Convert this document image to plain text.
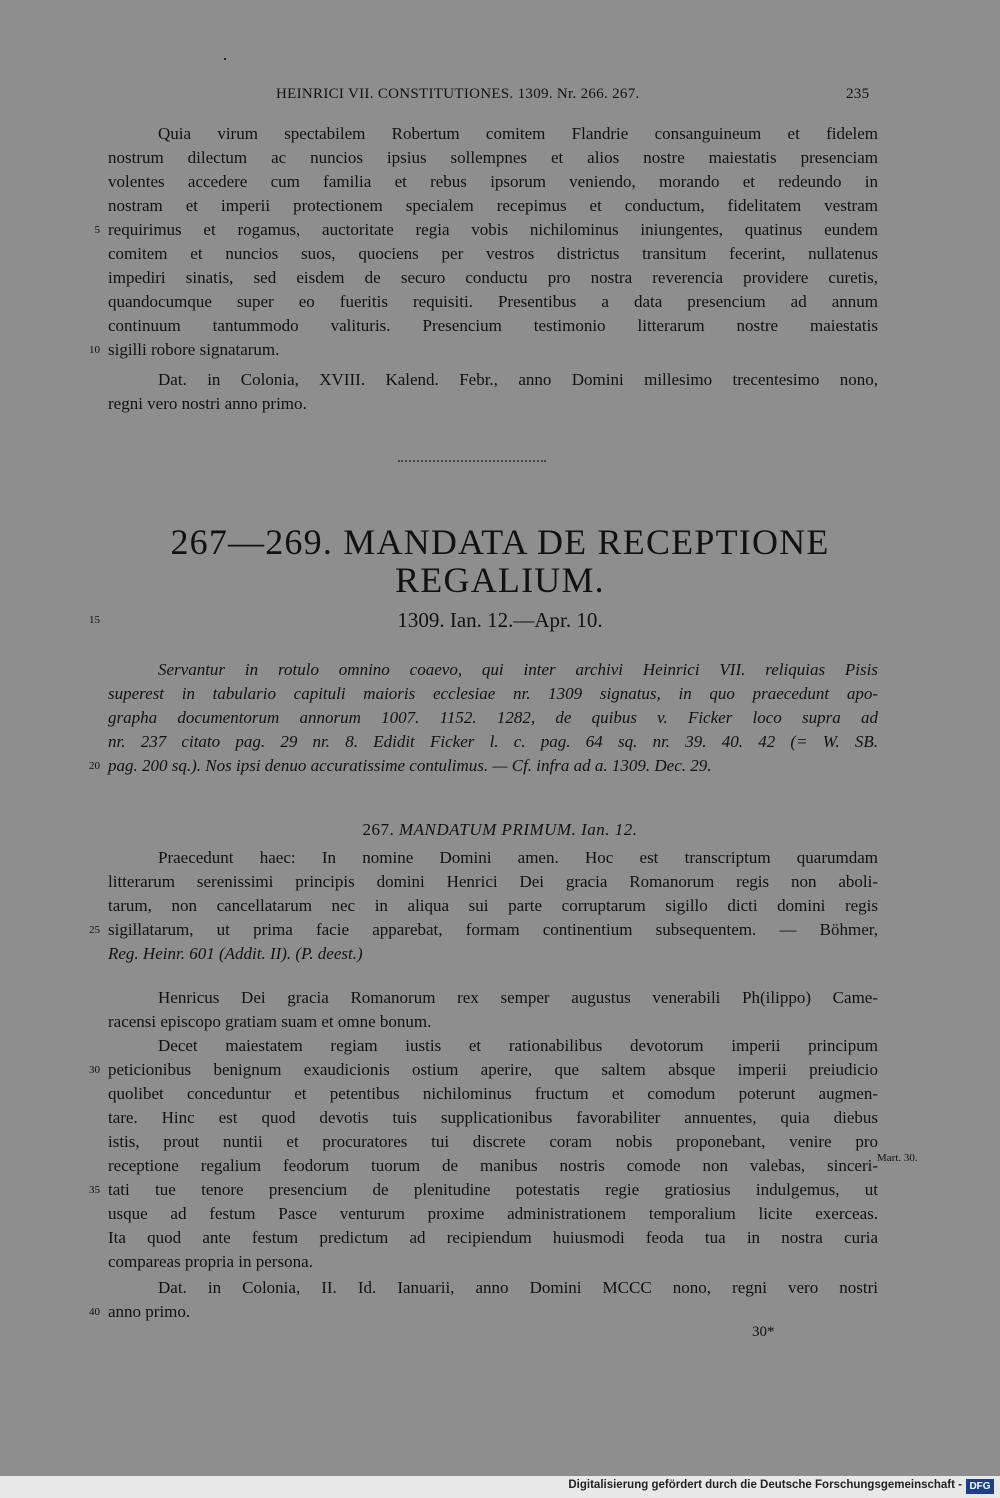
HEINRICI VII. CONSTITUTIONES. 1309. Nr. 266. 267.	235
Quia virum spectabilem Robertum comitem Flandrie consanguineum et fidelem
nostrum dilectum ac nuncios ipsius sollempnes et alios nostre maiestatis presenciam
volentes accedere cum familia et rebus ipsorum veniendo, morando et redeundo in
nostram et imperii protectionem specialem recepimus et conductum, fidelitatem vestram
requirimus et rogamus, auctoritate regia vobis nichilominus iniungentes, quatinus eundem
comitem et nuncios suos, quociens per vestros districtus transitum fecerint, nullatenus
impediri sinatis, sed eisdem de securo conductu pro nostra reverencia providere curetis,
quandocumque super eo fueritis requisiti. Presentibus a data presencium ad annum
continuum tantummodo valituris. Presencium testimonio litterarum nostre maiestatis
sigilli robore signatarum.
Dat. in Colonia, XVIII. Kalend. Febr., anno Domini millesimo trecentesimo nono,
regni vero nostri anno primo.
267—269. MANDATA DE RECEPTIONE
REGALIUM.
1309. Ian. 12.—Apr. 10.
Servantur in rotulo omnino coaevo, qui inter archivi Heinrici VII. reliquias Pisis
superest in tabulario capituli maioris ecclesiae nr. 1309 signatus, in quo praecedunt apo-
grapha documentorum annorum 1007. 1152. 1282, de quibus v. Ficker loco supra ad
nr. 237 citato pag. 29 nr. 8. Edidit Ficker l. c. pag. 64 sq. nr. 39. 40. 42 (= W. SB.
pag. 200 sq.). Nos ipsi denuo accuratissime contulimus. — Cf. infra ad a. 1309. Dec. 29.
267. MANDATUM PRIMUM. Ian. 12.
Praecedunt haec: In nomine Domini amen. Hoc est transcriptum quarumdam
litterarum serenissimi principis domini Henrici Dei gracia Romanorum regis non aboli-
tarum, non cancellatarum nec in aliqua sui parte corruptarum sigillo dicti domini regis
sigillatarum, ut prima facie apparebat, formam continentium subsequentem. — Böhmer,
Reg. Heinr. 601 (Addit. II). (P. deest.)
Henricus Dei gracia Romanorum rex semper augustus venerabili Ph(ilippo) Came-
racensi episcopo gratiam suam et omne bonum.
Decet maiestatem regiam iustis et rationabilibus devotorum imperii principum
peticionibus benignum exaudicionis ostium aperire, que saltem absque imperii preiudicio
quolibet conceduntur et petentibus nichilominus fructum et comodum poterunt augmen-
tare. Hinc est quod devotis tuis supplicationibus favorabiliter annuentes, quia diebus
istis, prout nuntii et procuratores tui discrete coram nobis proponebant, venire pro
receptione regalium feodorum tuorum de manibus nostris comode non valebas, sinceri-
tati tue tenore presencium de plenitudine potestatis regie gratiosius indulgemus, ut
usque ad festum Pasce venturum proxime administrationem temporalium licite exerceas.
Ita quod ante festum predictum ad recipiendum huiusmodi feoda tua in nostra curia
compareas propria in persona.
Dat. in Colonia, II. Id. Ianuarii, anno Domini MCCC nono, regni vero nostri
anno primo.
5
10
15
20
25
30
35
40
Mart. 30.
30*
Digitalisierung gefördert durch die Deutsche Forschungsgemeinschaft - DFG
